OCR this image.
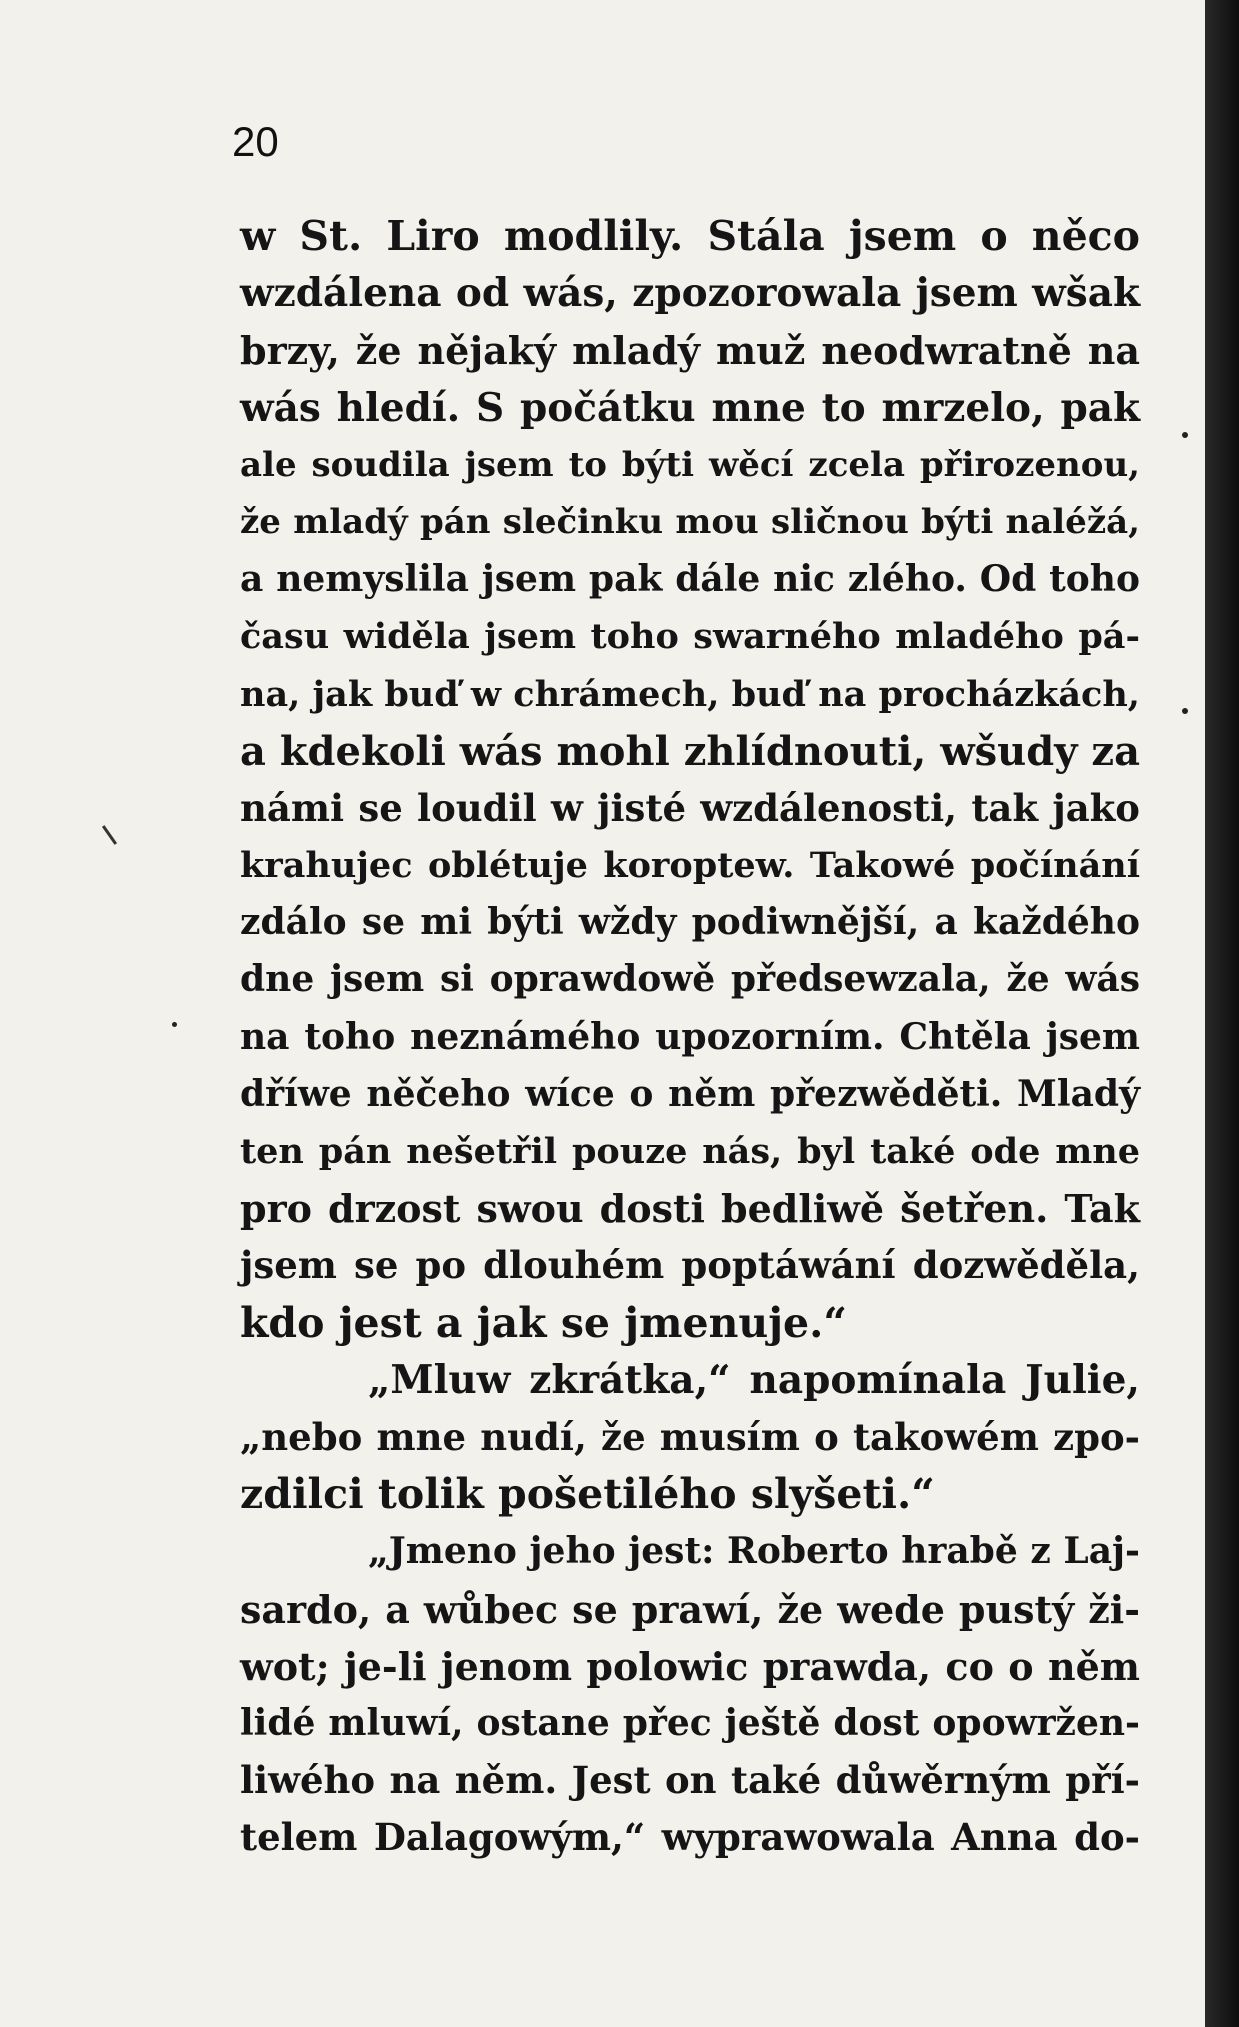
20
w St. Liro modlily. Stála jsem o něco
wzdálena od wás, zpozorowala jsem wšak
brzy, že nějaký mladý muž neodwratně na
wás hledí. S počátku mne to mrzelo, pak
ale soudila jsem to býti wěcí zcela přirozenou,
že mladý pán slečinku mou sličnou býti naléžá,
a nemyslila jsem pak dále nic zlého. Od toho
času widěla jsem toho swarného mladého pá-
na, jak buď w chrámech, buď na procházkách,
a kdekoli wás mohl zhlídnouti, wšudy za
námi se loudil w jisté wzdálenosti, tak jako
krahujec oblétuje koroptew. Takowé počínání
zdálo se mi býti wždy podiwnější, a každého
dne jsem si oprawdowě předsewzala, že wás
na toho neznámého upozorním. Chtěla jsem
dříwe něčeho wíce o něm přezwěděti. Mladý
ten pán nešetřil pouze nás, byl také ode mne
pro drzost swou dosti bedliwě šetřen. Tak
jsem se po dlouhém poptáwání dozwěděla,
kdo jest a jak se jmenuje.“
„Mluw zkrátka,“ napomínala Julie,
„nebo mne nudí, že musím o takowém zpo-
zdilci tolik pošetilého slyšeti.“
„Jmeno jeho jest: Roberto hrabě z Laj-
sardo, a wůbec se prawí, že wede pustý ži-
wot; je-li jenom polowic prawda, co o něm
lidé mluwí, ostane přec ještě dost opowržen-
liwého na něm. Jest on také důwěrným pří-
telem Dalagowým,“ wyprawowala Anna do-
